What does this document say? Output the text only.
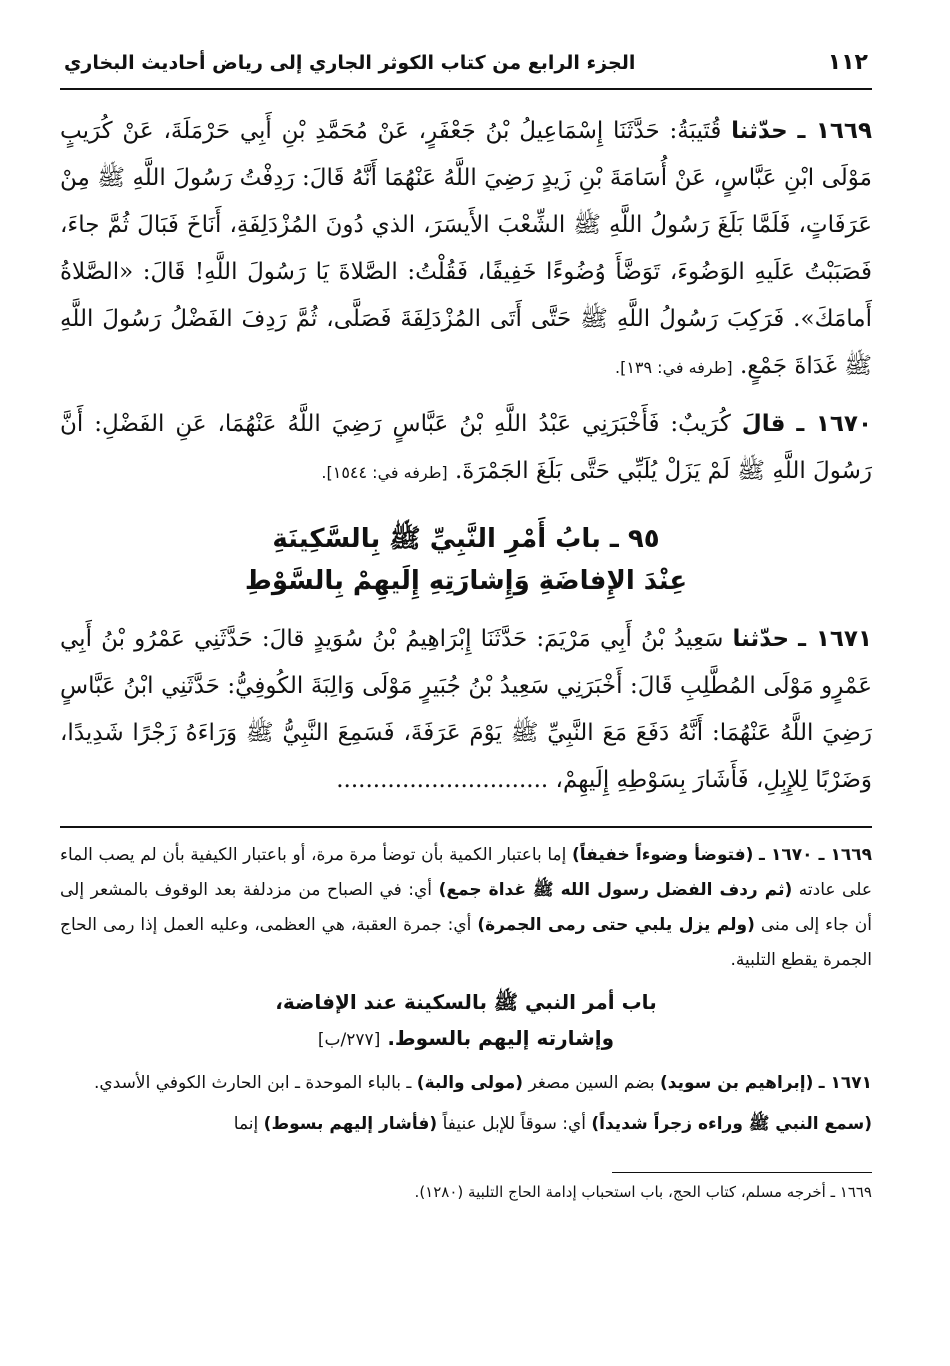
١١٢
الجزء الرابع من كتاب الكوثر الجاري إلى رياض أحاديث البخاري

١٦٦٩ ـ حدّثنا قُتَيبَةُ: حَدَّثَنَا إِسْمَاعِيلُ بْنُ جَعْفَرٍ، عَنْ مُحَمَّدِ بْنِ أَبِي حَرْمَلَةَ، عَنْ كُرَيبٍ مَوْلَى ابْنِ عَبَّاسٍ، عَنْ أُسَامَةَ بْنِ زَيدٍ رَضِيَ اللَّهُ عَنْهُمَا أَنَّهُ قَالَ: رَدِفْتُ رَسُولَ اللَّهِ ﷺ مِنْ عَرَفَاتٍ، فَلَمَّا بَلَغَ رَسُولُ اللَّهِ ﷺ الشِّعْبَ الأَيسَرَ، الذي دُونَ المُزْدَلِفَةِ، أَنَاخَ فَبَالَ ثُمَّ جاءَ، فَصَبَبْتُ عَلَيهِ الوَضُوءَ، تَوَضَّأَ وُضُوءًا خَفِيفًا، فَقُلْتُ: الصَّلاةَ يَا رَسُولَ اللَّهِ! قَالَ: «الصَّلاةُ أَمامَكَ». فَرَكِبَ رَسُولُ اللَّهِ ﷺ حَتَّى أَتَى المُزْدَلِفَةَ فَصَلَّى، ثُمَّ رَدِفَ الفَضْلُ رَسُولَ اللَّهِ ﷺ غَدَاةَ جَمْعٍ. [طرفه في: ١٣٩].

١٦٧٠ ـ قالَ كُرَيبٌ: فَأَخْبَرَنِي عَبْدُ اللَّهِ بْنُ عَبَّاسٍ رَضِيَ اللَّهُ عَنْهُمَا، عَنِ الفَضْلِ: أَنَّ رَسُولَ اللَّهِ ﷺ لَمْ يَزَلْ يُلَبِّي حَتَّى بَلَغَ الجَمْرَةَ. [طرفه في: ١٥٤٤].

٩٥ ـ بابُ أَمْرِ النَّبِيِّ ﷺ بِالسَّكِينَةِ
عِنْدَ الإِفاضَةِ وَإِشارَتِهِ إِلَيهِمْ بِالسَّوْطِ

١٦٧١ ـ حدّثنا سَعِيدُ بْنُ أَبِي مَرْيَمَ: حَدَّثَنَا إِبْرَاهِيمُ بْنُ سُوَيدٍ قالَ: حَدَّثَنِي عَمْرُو بْنُ أَبِي عَمْرٍو مَوْلَى المُطَّلِبِ قَالَ: أَخْبَرَنِي سَعِيدُ بْنُ جُبَيرٍ مَوْلَى وَالِبَةَ الكُوفِيُّ: حَدَّثَنِي ابْنُ عَبَّاسٍ رَضِيَ اللَّهُ عَنْهُمَا: أَنَّهُ دَفَعَ مَعَ النَّبِيِّ ﷺ يَوْمَ عَرَفَةَ، فَسَمِعَ النَّبِيُّ ﷺ وَرَاءَهُ زَجْرًا شَدِيدًا، وَضَرْبًا لِلإِبِلِ، فَأَشَارَ بِسَوْطِهِ إِلَيهِمْ، .............................

١٦٦٩ ـ ١٦٧٠ ـ (فتوضأ وضوءاً خفيفاً) إما باعتبار الكمية بأن توضأ مرة مرة، أو باعتبار الكيفية بأن لم يصب الماء على عادته (ثم ردف الفضل رسول الله ﷺ غداة جمع) أي: في الصباح من مزدلفة بعد الوقوف بالمشعر إلى أن جاء إلى منى (ولم يزل يلبي حتى رمى الجمرة) أي: جمرة العقبة، هي العظمى، وعليه العمل إذا رمى الحاج الجمرة يقطع التلبية.

باب أمر النبي ﷺ بالسكينة عند الإفاضة،
وإشارته إليهم بالسوط. [٢٧٧/ب]

١٦٧١ ـ (إبراهيم بن سويد) بضم السين مصغر (مولى والبة) ـ بالباء الموحدة ـ ابن الحارث الكوفي الأسدي.

(سمع النبي ﷺ وراءه زجراً شديداً) أي: سوقاً للإبل عنيفاً (فأشار إليهم بسوط) إنما

١٦٦٩ ـ أخرجه مسلم، كتاب الحج، باب استحباب إدامة الحاج التلبية (١٢٨٠).
